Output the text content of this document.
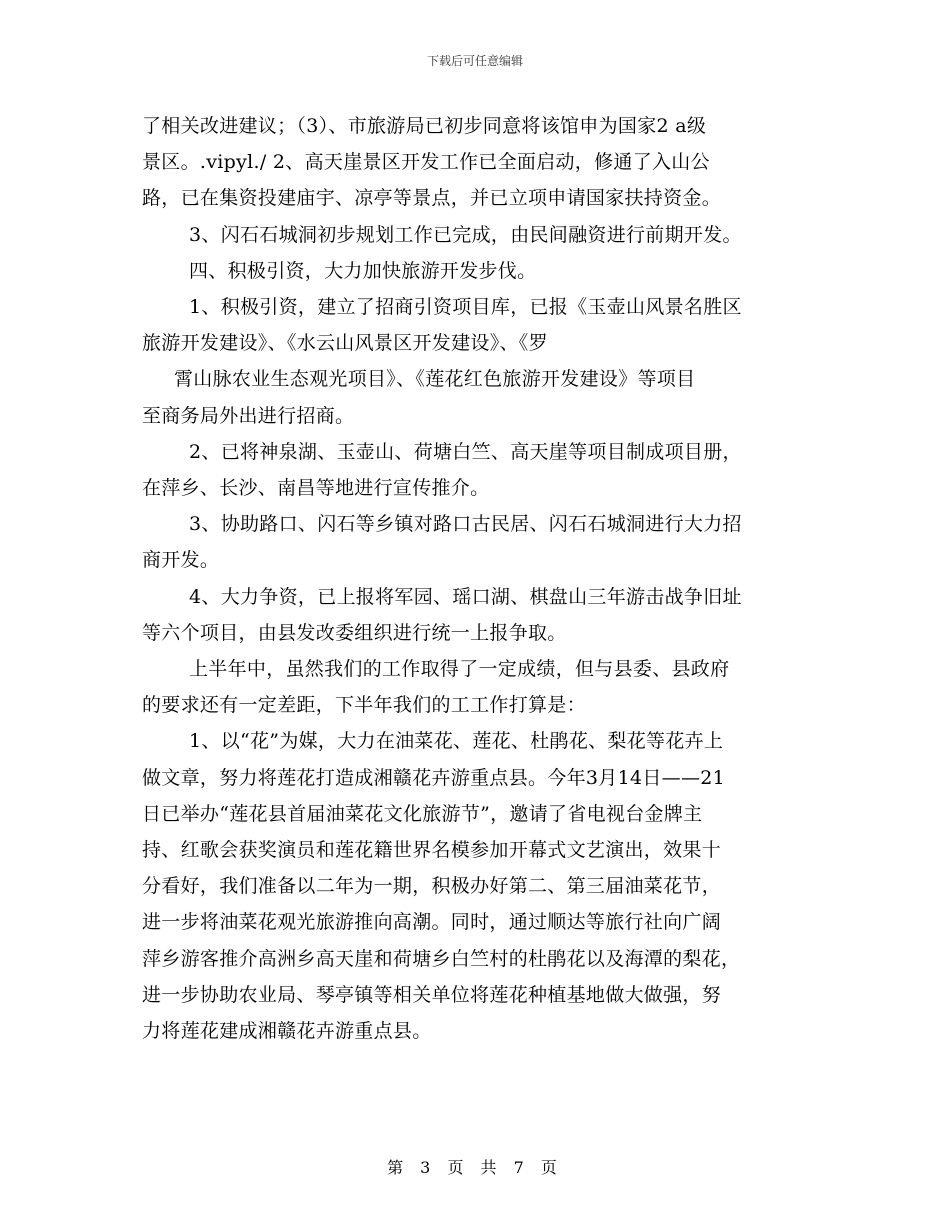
下载后可任意编辑

了相关改进建议；（3）、市旅游局已初步同意将该馆申为国家2 a级

景区。.vipyl./ 2、高天崖景区开发工作已全面启动，修通了入山公

路，已在集资投建庙宇、凉亭等景点，并已立项申请国家扶持资金。

3、闪石石城洞初步规划工作已完成，由民间融资进行前期开发。

四、积极引资，大力加快旅游开发步伐。

1、积极引资，建立了招商引资项目库，已报《玉壶山风景名胜区

旅游开发建设》、《水云山风景区开发建设》、《罗

霄山脉农业生态观光项目》、《莲花红色旅游开发建设》等项目

至商务局外出进行招商。

2、已将神泉湖、玉壶山、荷塘白竺、高天崖等项目制成项目册，

在萍乡、长沙、南昌等地进行宣传推介。

3、协助路口、闪石等乡镇对路口古民居、闪石石城洞进行大力招

商开发。

4、大力争资，已上报将军园、瑶口湖、棋盘山三年游击战争旧址

等六个项目，由县发改委组织进行统一上报争取。

上半年中，虽然我们的工作取得了一定成绩，但与县委、县政府

的要求还有一定差距，下半年我们的工工作打算是：

1、以“花”为媒，大力在油菜花、莲花、杜鹃花、梨花等花卉上

做文章，努力将莲花打造成湘赣花卉游重点县。今年3月14日——21

日已举办“莲花县首届油菜花文化旅游节”，邀请了省电视台金牌主

持、红歌会获奖演员和莲花籍世界名模参加开幕式文艺演出，效果十

分看好，我们准备以二年为一期，积极办好第二、第三届油菜花节，

进一步将油菜花观光旅游推向高潮。同时，通过顺达等旅行社向广阔

萍乡游客推介高洲乡高天崖和荷塘乡白竺村的杜鹃花以及海潭的梨花，

进一步协助农业局、琴亭镇等相关单位将莲花种植基地做大做强，努

力将莲花建成湘赣花卉游重点县。

第 3 页 共 7 页
